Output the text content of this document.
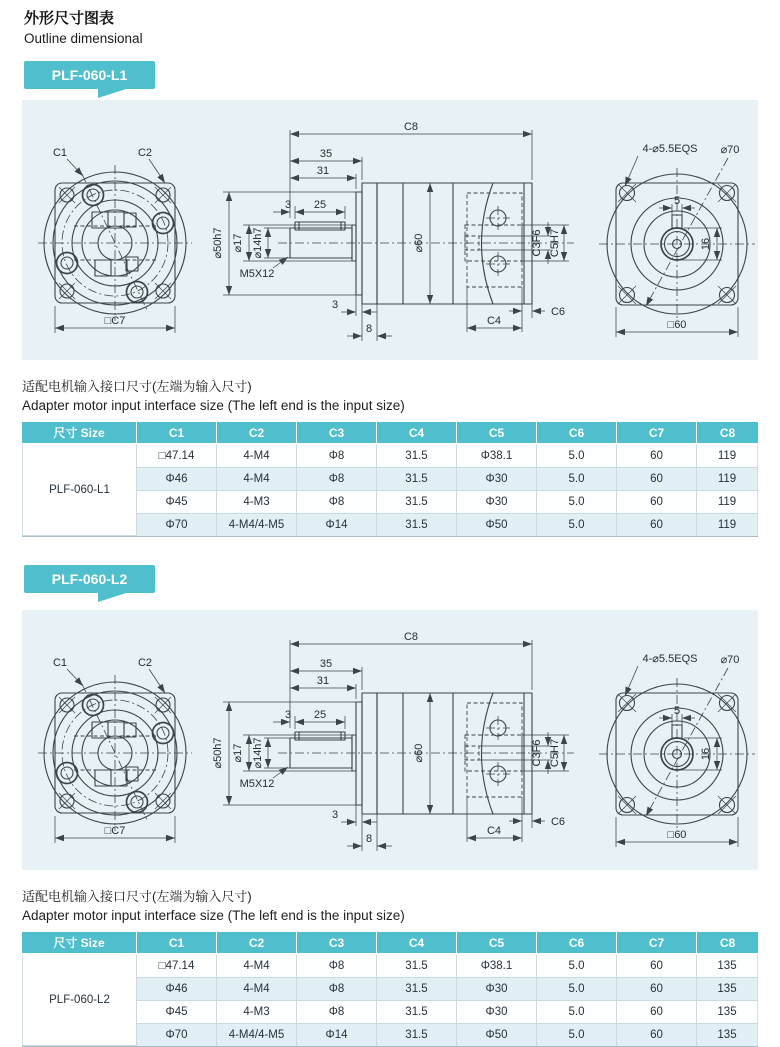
外形尺寸图表
Outline dimensional
PLF-060-L1
C1	C2
□C7
C8
35
31
3 25
⌀50h7 ⌀17 ⌀14h7
M5X12
⌀60	C3F6 C5H7
3
8
C4
C6
4-⌀5.5EQS ⌀70
5
16
□60

适配电机输入接口尺寸(左端为输入尺寸)

Adapter motor input interface size (The left end is the input size)

尺寸 Size	C1	C2	C3	C4	C5	C6	C7	C8
PLF-060-L1	□47.14	4-M4	Φ8	31.5	Φ38.1	5.0	60	119
	Φ46	4-M4	Φ8	31.5	Φ30	5.0	60	119
	Φ45	4-M3	Φ8	31.5	Φ30	5.0	60	119
	Φ70	4-M4/4-M5	Φ14	31.5	Φ50	5.0	60	119
PLF-060-L2
C1	C2
□C7
C8
35
31
3 25
⌀50h7 ⌀17 ⌀14h7
M5X12
⌀60	C3F6 C5H7
3
8
C4
C6
4-⌀5.5EQS ⌀70
5
16
□60

适配电机输入接口尺寸(左端为输入尺寸)

Adapter motor input interface size (The left end is the input size)

尺寸 Size	C1	C2	C3	C4	C5	C6	C7	C8
PLF-060-L2	□47.14	4-M4	Φ8	31.5	Φ38.1	5.0	60	135
	Φ46	4-M4	Φ8	31.5	Φ30	5.0	60	135
	Φ45	4-M3	Φ8	31.5	Φ30	5.0	60	135
	Φ70	4-M4/4-M5	Φ14	31.5	Φ50	5.0	60	135
